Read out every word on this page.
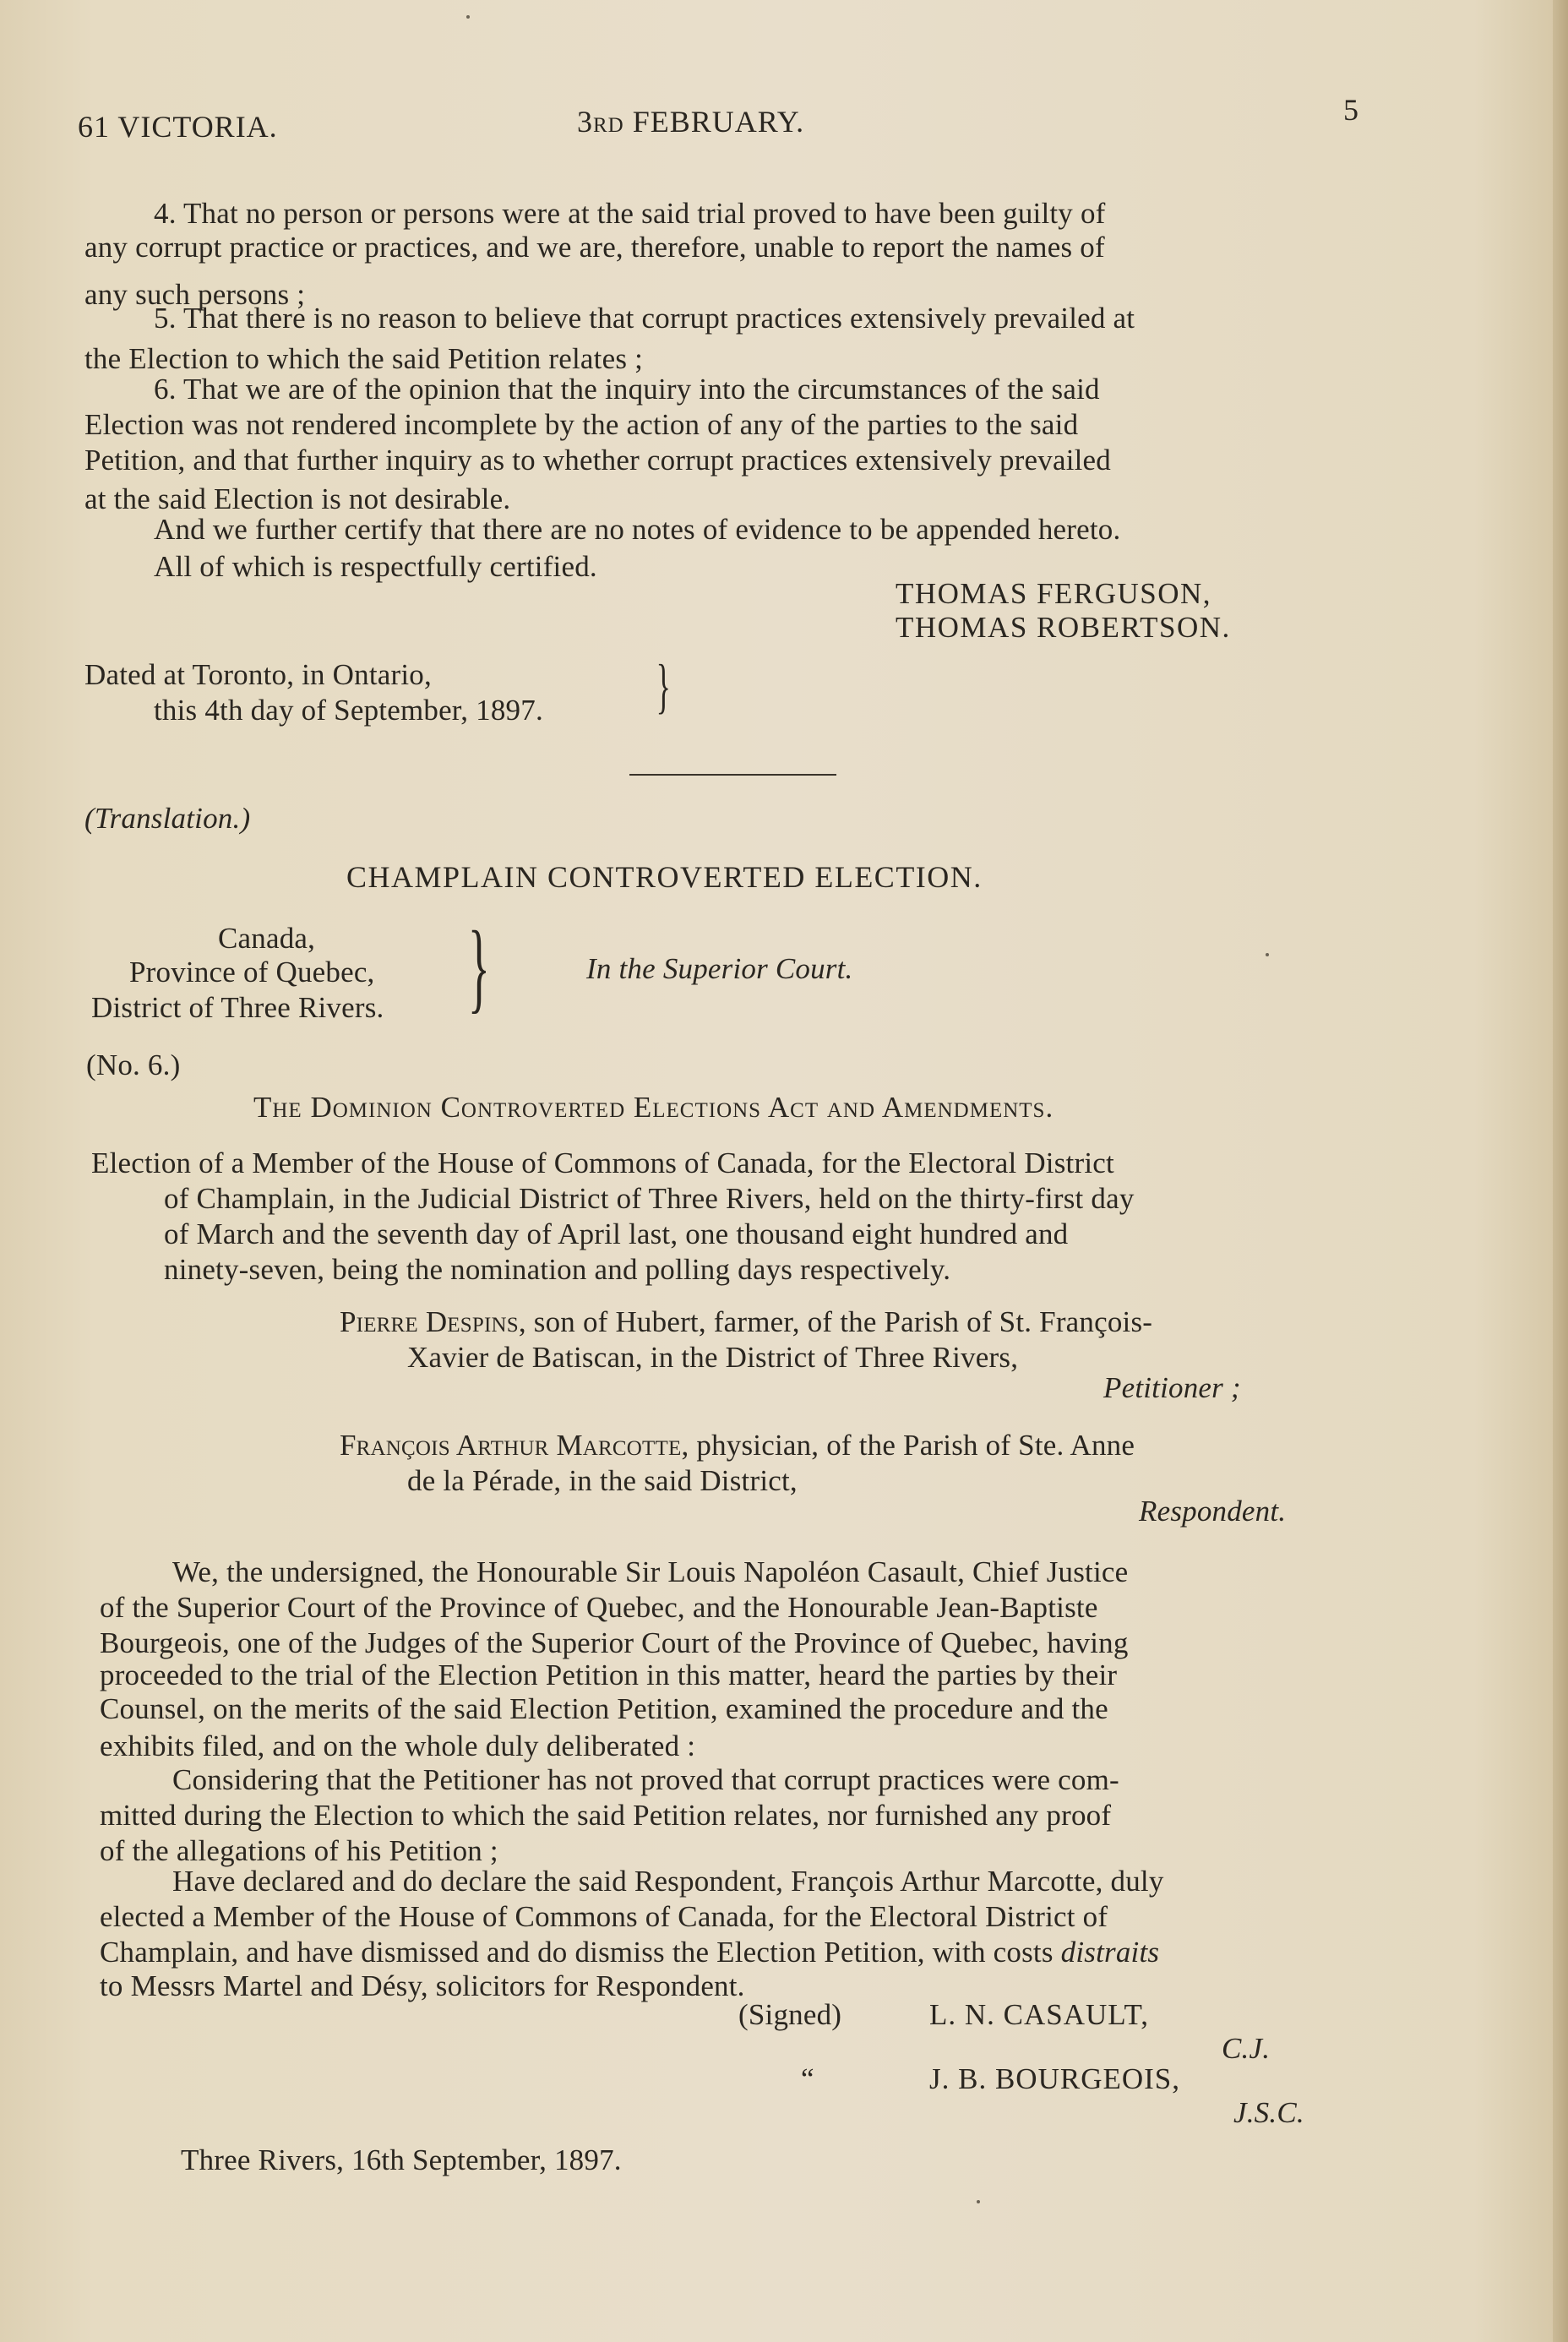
61 VICTORIA.	3RD FEBRUARY.	5
4. That no person or persons were at the said trial proved to have been guilty of
any corrupt practice or practices, and we are, therefore, unable to report the names of
any such persons ;
5. That there is no reason to believe that corrupt practices extensively prevailed at
the Election to which the said Petition relates ;
6. That we are of the opinion that the inquiry into the circumstances of the said
Election was not rendered incomplete by the action of any of the parties to the said
Petition, and that further inquiry as to whether corrupt practices extensively prevailed
at the said Election is not desirable.
And we further certify that there are no notes of evidence to be appended hereto.
All of which is respectfully certified.
THOMAS FERGUSON,
THOMAS ROBERTSON.
Dated at Toronto, in Ontario,
this 4th day of September, 1897. }
(Translation.)
CHAMPLAIN CONTROVERTED ELECTION.
Canada,
Province of Quebec,
District of Three Rivers. }	In the Superior Court.
(No. 6.)
The Dominion Controverted Elections Act and Amendments.
Election of a Member of the House of Commons of Canada, for the Electoral District
of Champlain, in the Judicial District of Three Rivers, held on the thirty-first day
of March and the seventh day of April last, one thousand eight hundred and
ninety-seven, being the nomination and polling days respectively.
Pierre Despins, son of Hubert, farmer, of the Parish of St. François-
Xavier de Batiscan, in the District of Three Rivers,
Petitioner ;
François Arthur Marcotte, physician, of the Parish of Ste. Anne
de la Pérade, in the said District,
Respondent.
We, the undersigned, the Honourable Sir Louis Napoléon Casault, Chief Justice
of the Superior Court of the Province of Quebec, and the Honourable Jean-Baptiste
Bourgeois, one of the Judges of the Superior Court of the Province of Quebec, having
proceeded to the trial of the Election Petition in this matter, heard the parties by their
Counsel, on the merits of the said Election Petition, examined the procedure and the
exhibits filed, and on the whole duly deliberated :
Considering that the Petitioner has not proved that corrupt practices were com-
mitted during the Election to which the said Petition relates, nor furnished any proof
of the allegations of his Petition ;
Have declared and do declare the said Respondent, François Arthur Marcotte, duly
elected a Member of the House of Commons of Canada, for the Electoral District of
Champlain, and have dismissed and do dismiss the Election Petition, with costs distraits
to Messrs Martel and Désy, solicitors for Respondent.
(Signed)	L. N. CASAULT,
C.J.
“	J. B. BOURGEOIS,
J.S.C.
Three Rivers, 16th September, 1897.
